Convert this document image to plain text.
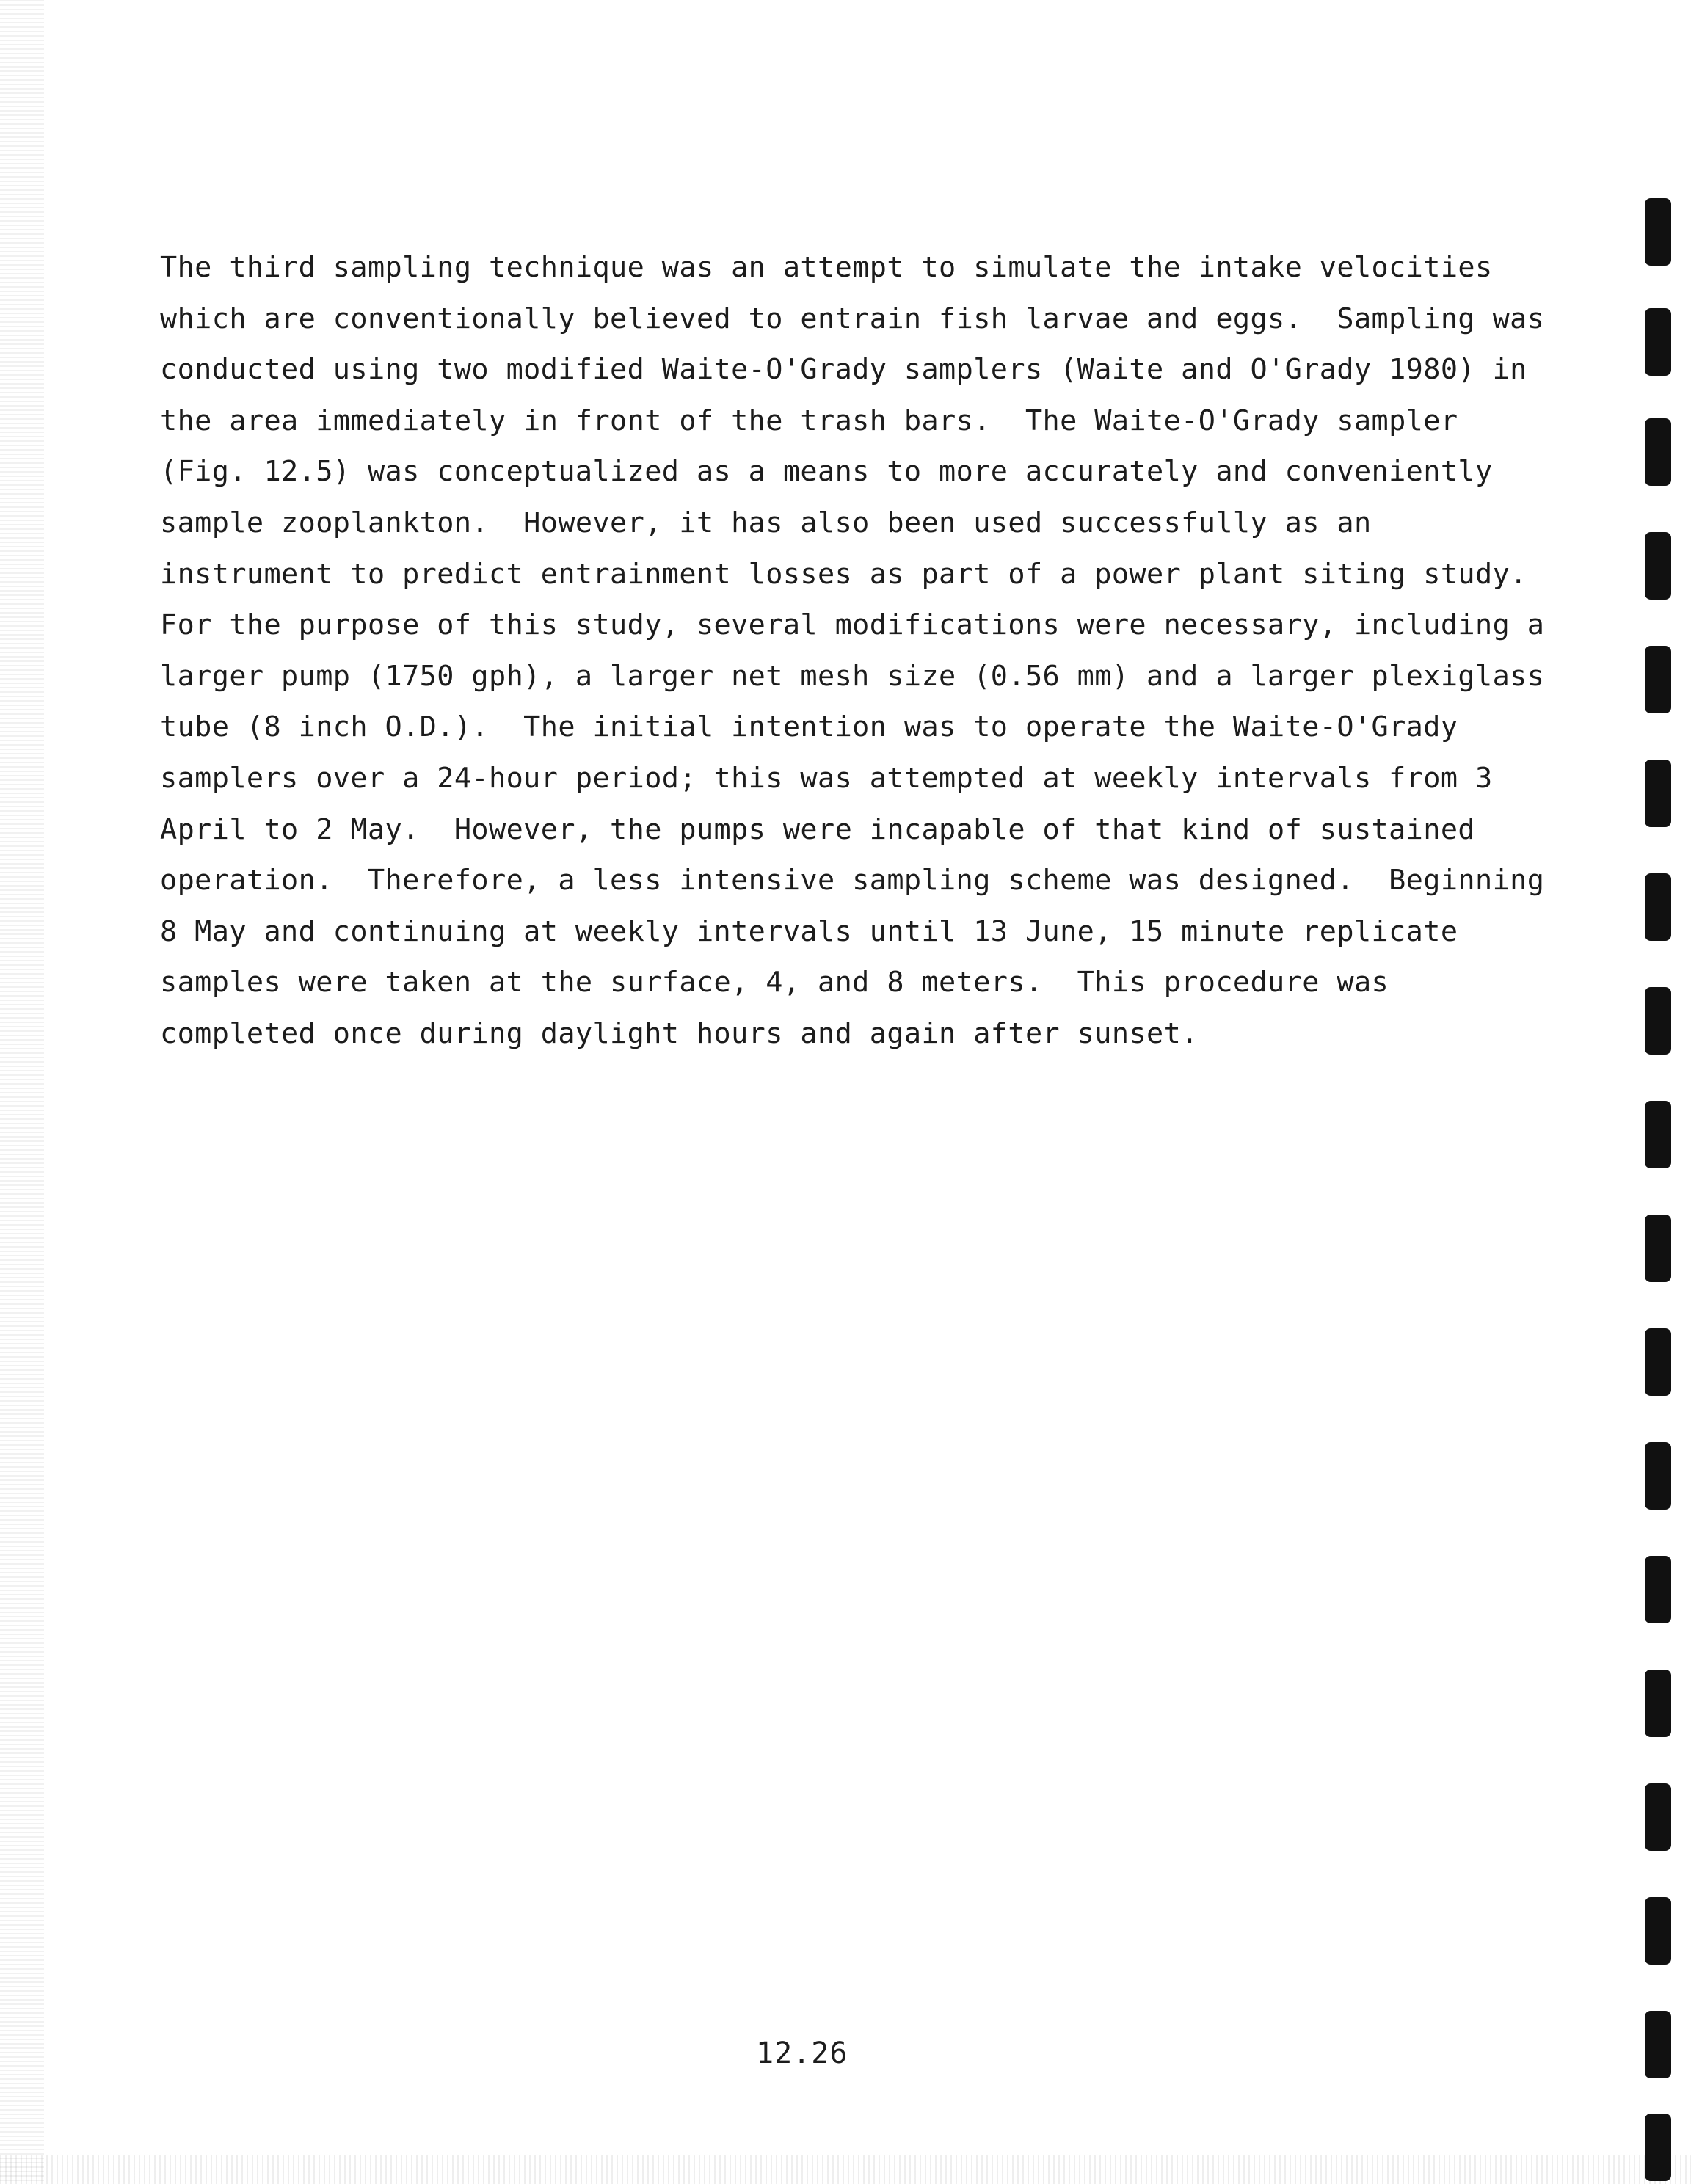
The third sampling technique was an attempt to simulate the intake velocities
which are conventionally believed to entrain fish larvae and eggs.  Sampling was
conducted using two modified Waite-O'Grady samplers (Waite and O'Grady 1980) in
the area immediately in front of the trash bars.  The Waite-O'Grady sampler
(Fig. 12.5) was conceptualized as a means to more accurately and conveniently
sample zooplankton.  However, it has also been used successfully as an
instrument to predict entrainment losses as part of a power plant siting study.
For the purpose of this study, several modifications were necessary, including a
larger pump (1750 gph), a larger net mesh size (0.56 mm) and a larger plexiglass
tube (8 inch O.D.).  The initial intention was to operate the Waite-O'Grady
samplers over a 24-hour period; this was attempted at weekly intervals from 3
April to 2 May.  However, the pumps were incapable of that kind of sustained
operation.  Therefore, a less intensive sampling scheme was designed.  Beginning
8 May and continuing at weekly intervals until 13 June, 15 minute replicate
samples were taken at the surface, 4, and 8 meters.  This procedure was
completed once during daylight hours and again after sunset.
12.26
